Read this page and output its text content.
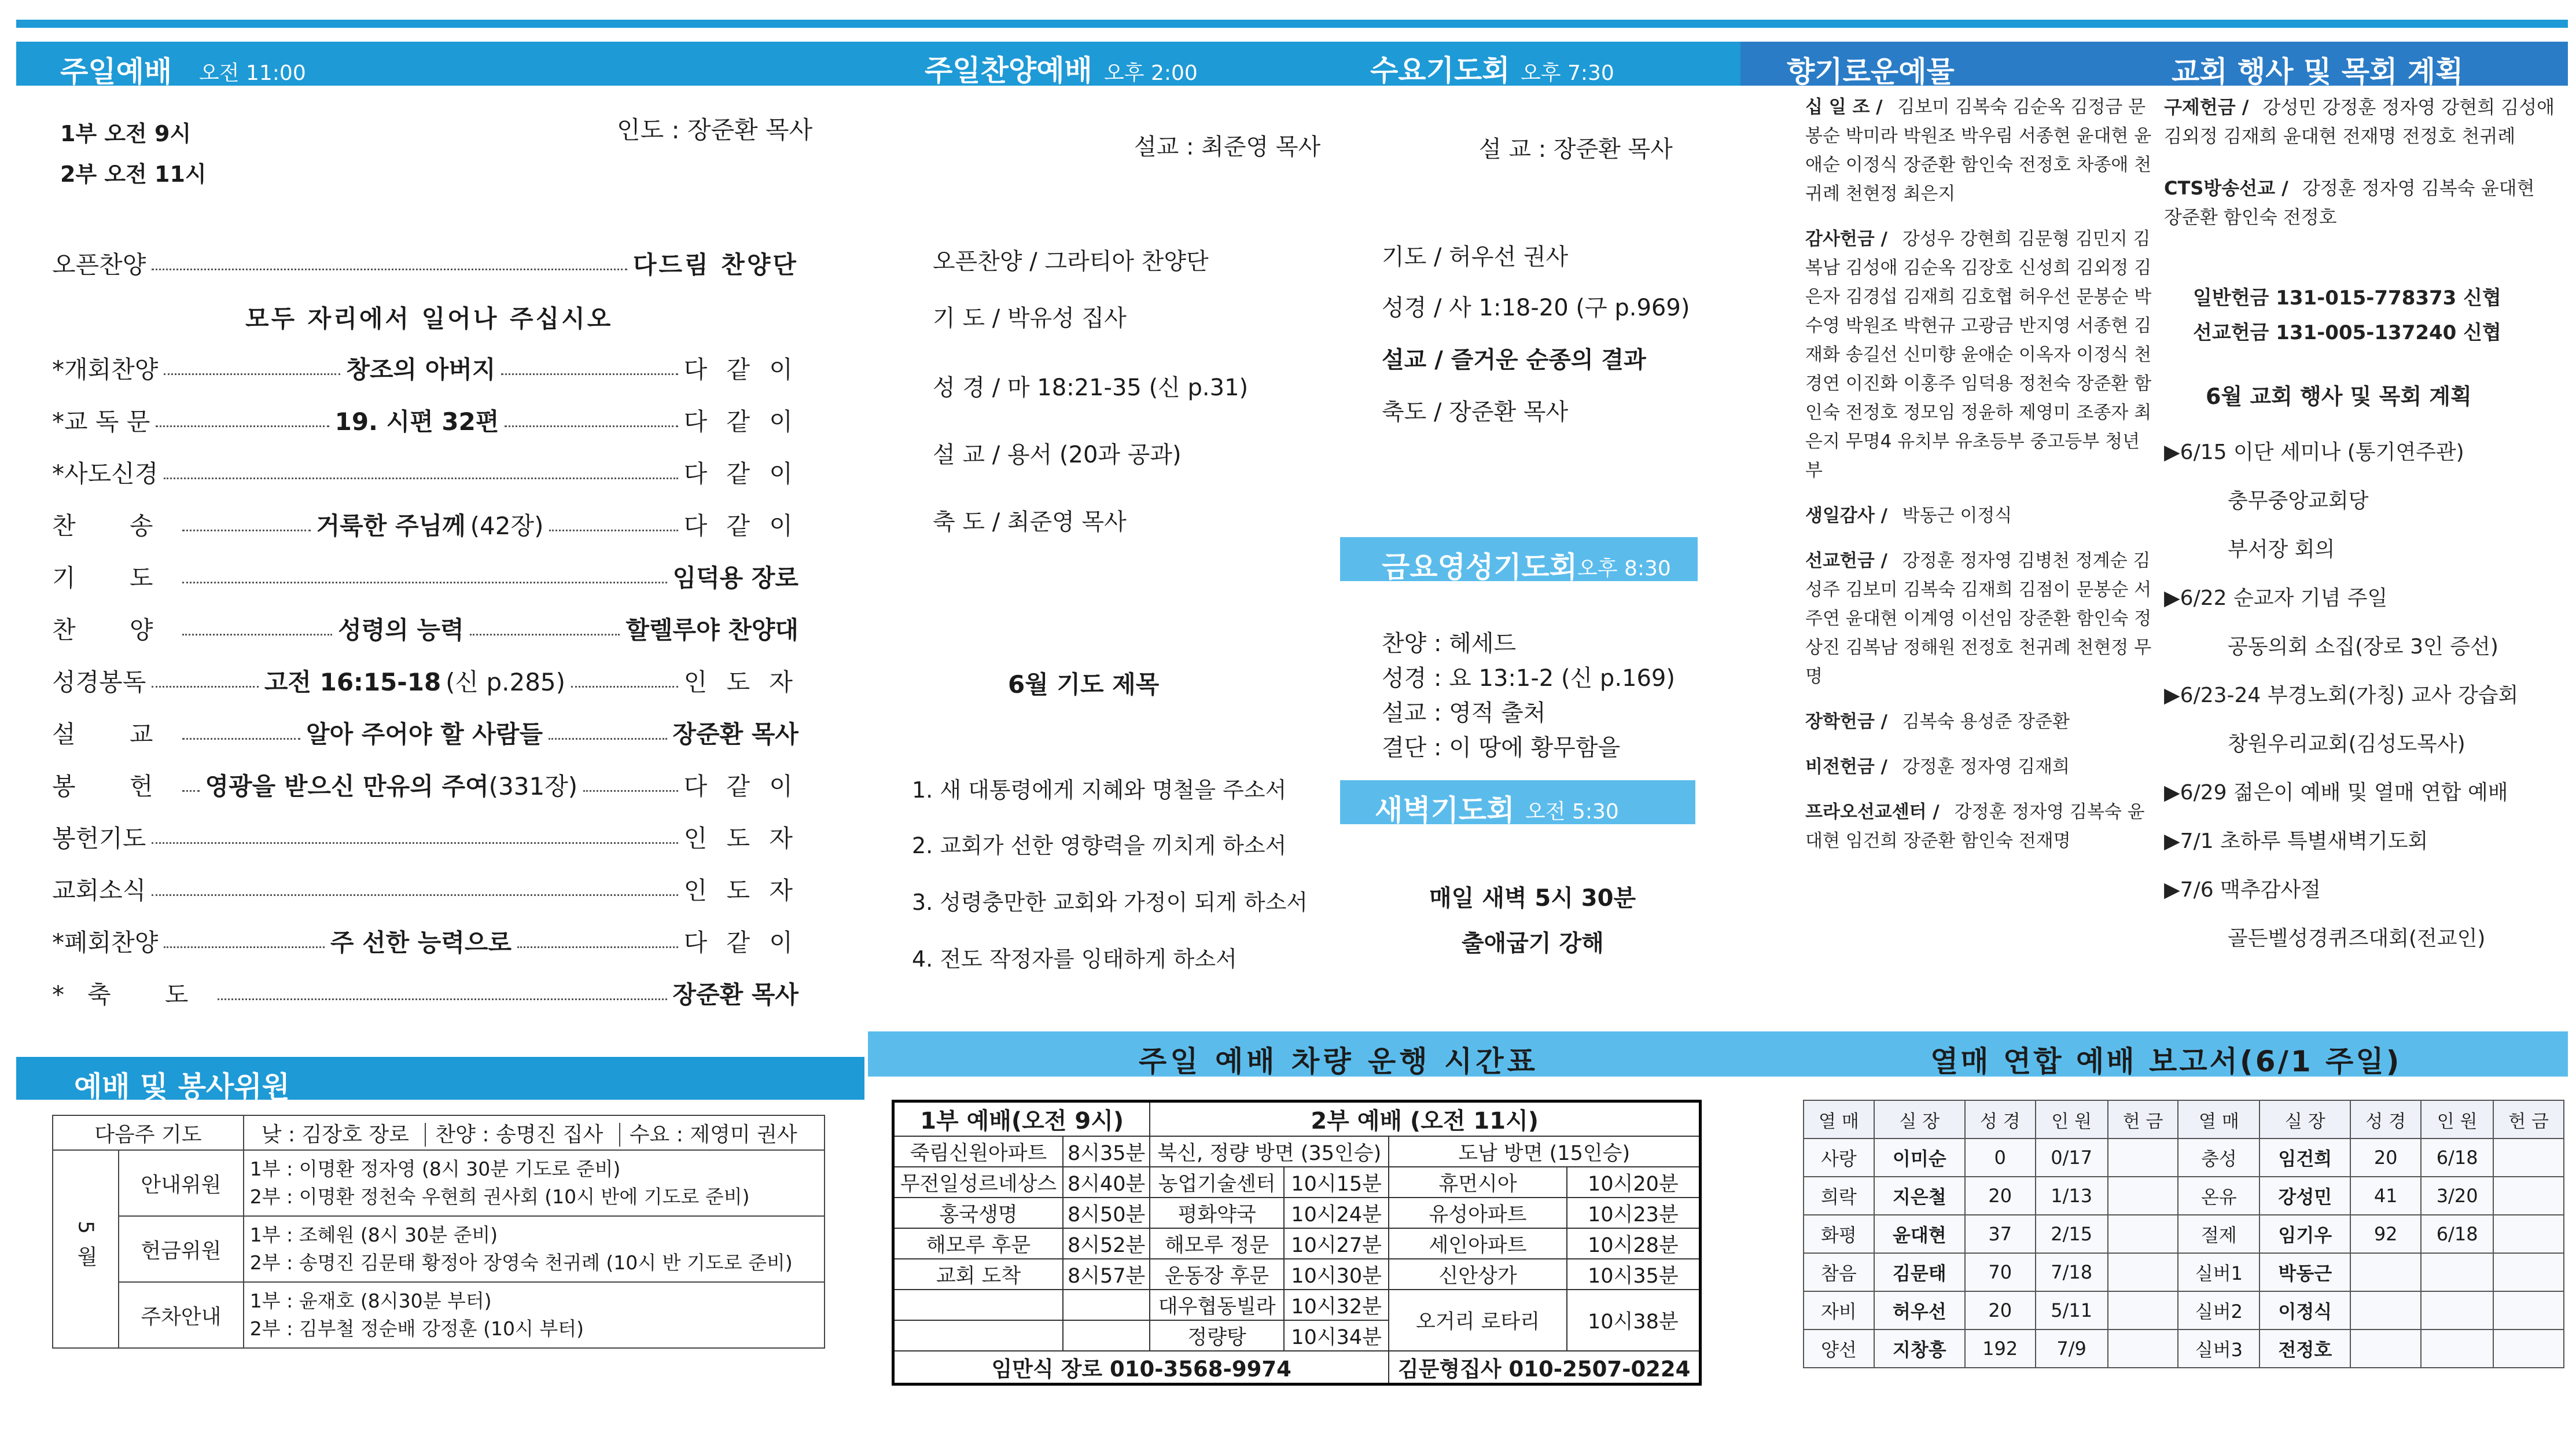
주일예배 오전 11:00	주일찬양예배 오후 2:00	수요기도회 오후 7:30	향기로운예물	교회 행사 및 목회 계획
1부 오전 9시
2부 오전 11시
인도 : 장준환 목사
오픈찬양	다드림 찬양단
모두 자리에서 일어나 주십시오
*개회찬양	창조의 아버지	다 같 이
*교 독 문	19. 시편 32편	다 같 이
*사도신경	다 같 이
찬 송	거룩한 주님께 (42장)	다 같 이
기 도	임덕용 장로
찬 양	성령의 능력	할렐루야 찬양대
성경봉독	고전 16:15-18 (신 p.285)	인 도 자
설 교	알아 주어야 할 사람들	장준환 목사
봉 헌 영광을 받으신 만유의 주여 (331장)	다 같 이
봉헌기도	인 도 자
교회소식	인 도 자
*폐회찬양	주 선한 능력으로	다 같 이
*축 도	장준환 목사
설교 : 최준영 목사
오픈찬양 / 그라티아 찬양단
기 도 / 박유성 집사
성 경 / 마 18:21-35 (신 p.31)
설 교 / 용서 (20과 공과)
축 도 / 최준영 목사
6월 기도 제목
1. 새 대통령에게 지혜와 명철을 주소서
2. 교회가 선한 영향력을 끼치게 하소서
3. 성령충만한 교회와 가정이 되게 하소서
4. 전도 작정자를 잉태하게 하소서
설 교 : 장준환 목사
기도 / 허우선 권사
성경 / 사 1:18-20 (구 p.969)
설교 / 즐거운 순종의 결과
축도 / 장준환 목사
금요영성기도회 오후 8:30
찬양 : 헤세드
성경 : 요 13:1-2 (신 p.169)
설교 : 영적 출처
결단 : 이 땅에 황무함을
새벽기도회 오전 5:30
매일 새벽 5시 30분
출애굽기 강해
십 일 조 / 김보미 김복숙 김순옥 김정금 문봉순 박미라 박원조 박우림 서종현 윤대현 윤애순 이정식 장준환 함인숙 전정호 차종애 천귀례 천현정 최은지
감사헌금 / 강성우 강현희 김문형 김민지 김복남 김성애 김순옥 김장호 신성희 김외정 김은자 김경섭 김재희 김호협 허우선 문봉순 박수영 박원조 박현규 고광금 반지영 서종현 김재화 송길선 신미향 윤애순 이옥자 이정식 천경연 이진화 이홍주 임덕용 정천숙 장준환 함인숙 전정호 정모임 정윤하 제영미 조종자 최은지 무명4 유치부 유초등부 중고등부 청년부
생일감사 / 박동근 이정식
선교헌금 / 강정훈 정자영 김병천 정계순 김성주 김보미 김복숙 김재희 김점이 문봉순 서주연 윤대현 이계영 이선임 장준환 함인숙 정상진 김복남 정해원 전정호 천귀례 천현정 무명
장학헌금 / 김복숙 용성준 장준환
비전헌금 / 강정훈 정자영 김재희
프라오선교센터 / 강정훈 정자영 김복숙 윤대현 임건희 장준환 함인숙 전재명
구제헌금 / 강성민 강정훈 정자영 강현희 김성애 김외정 김재희 윤대현 전재명 전정호 천귀례
CTS방송선교 / 강정훈 정자영 김복숙 윤대현 장준환 함인숙 전정호
일반헌금 131-015-778373 신협
선교헌금 131-005-137240 신협
6월 교회 행사 및 목회 계획
▶6/15 이단 세미나 (통기연주관)
충무중앙교회당
부서장 회의
▶6/22 순교자 기념 주일
공동의회 소집(장로 3인 증선)
▶6/23-24 부경노회(가칭) 교사 강습회
창원우리교회(김성도목사)
▶6/29 젊은이 예배 및 열매 연합 예배
▶7/1 초하루 특별새벽기도회
▶7/6 맥추감사절
골든벨성경퀴즈대회(전교인)
예배 및 봉사위원
주일 예배 차량 운행 시간표	열매 연합 예배 보고서(6/1 주일)
다음주 기도		낮 : 김장호 장로 찬양 : 송명진 집사 수요 : 제영미 권사
5월	안내위원	1부 : 이명환 정자영 (8시 30분 기도로 준비)
2부 : 이명환 정천숙 우현희 권사회 (10시 반에 기도로 준비)

	헌금위원	1부 : 조혜원 (8시 30분 준비)
2부 : 송명진 김문태 황정아 장영숙 천귀례 (10시 반 기도로 준비)

	주차안내	1부 : 윤재호 (8시30분 부터)
2부 : 김부철 정순배 강정훈 (10시 부터)
1부 예배(오전 9시)		2부 예배 (오전 11시)			
죽림신원아파트	8시35분	북신, 정량 방면 (35인승)		도남 방면 (15인승)	
무전일성르네상스	8시40분	농업기술센터	10시15분	휴먼시아	10시20분
홍국생명	8시50분	평화약국	10시24분	유성아파트	10시23분
해모루 후문	8시52분	해모루 정문	10시27분	세인아파트	10시28분
교회 도착	8시57분	운동장 후문	10시30분	신안상가	10시35분
		대우협동빌라	10시32분	오거리 로타리	10시38분
		정량탕	10시34분		
임만식 장로 010-3568-9974				김문형집사 010-2507-0224	
열 매	실 장	성 경	인 원	헌 금	열 매	실 장	성 경	인 원	헌 금
사랑	이미순	0	0/17		충성	임건희	20	6/18	
희락	지은철	20	1/13		온유	강성민	41	3/20	
화평	윤대현	37	2/15		절제	임기우	92	6/18	
참음	김문태	70	7/18		실버1	박동근			
자비	허우선	20	5/11		실버2	이정식			
양선	지창흥	192	7/9		실버3	전정호			
